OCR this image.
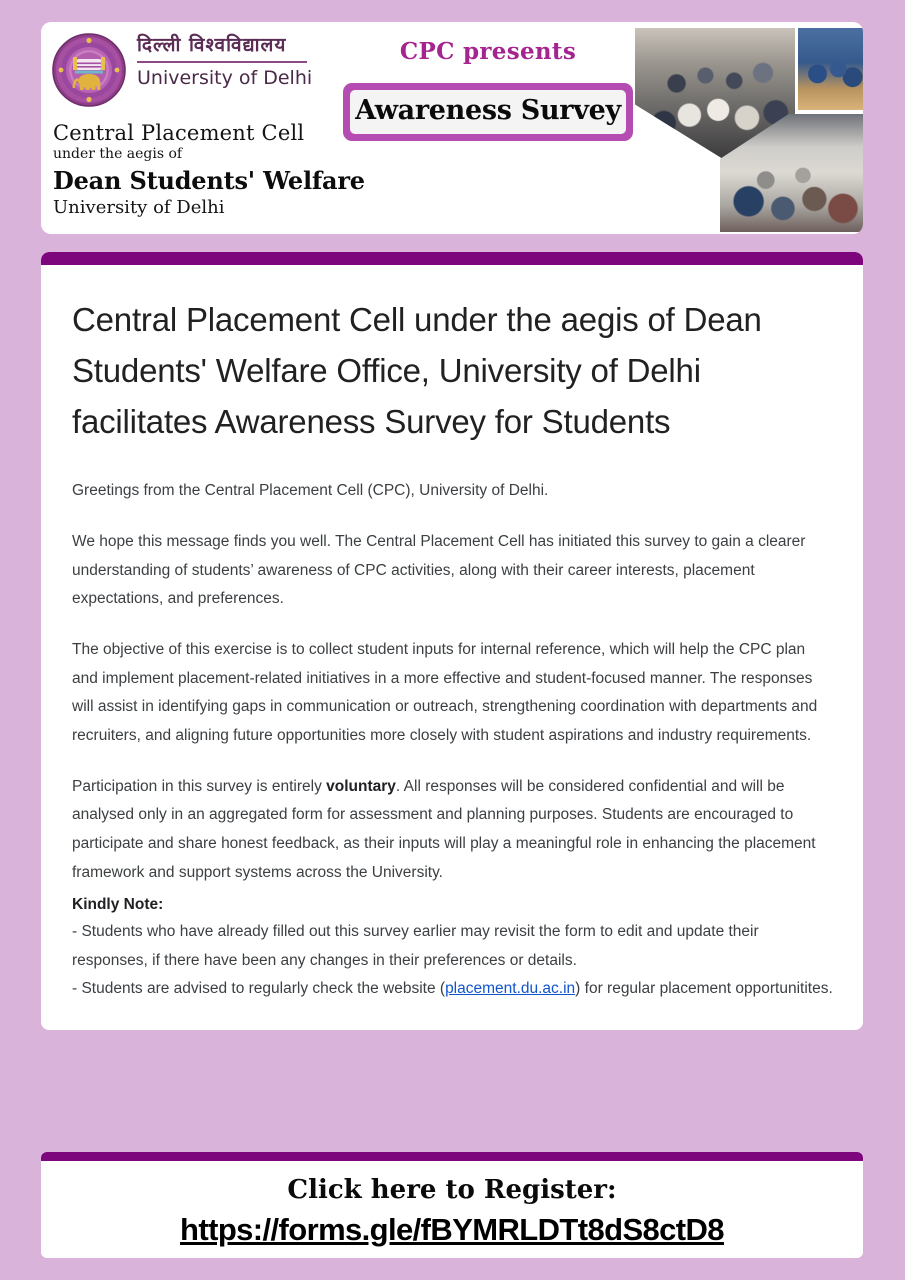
दिल्ली विश्वविद्यालय
University of Delhi
Central Placement Cell
under the aegis of
Dean Students' Welfare
University of Delhi
CPC presents
Awareness Survey
Central Placement Cell under the aegis of Dean Students' Welfare Office, University of Delhi facilitates Awareness Survey for Students

Greetings from the Central Placement Cell (CPC), University of Delhi.

We hope this message finds you well. The Central Placement Cell has initiated this survey to gain a clearer understanding of students’ awareness of CPC activities, along with their career interests, placement expectations, and preferences.

The objective of this exercise is to collect student inputs for internal reference, which will help the CPC plan and implement placement-related initiatives in a more effective and student-focused manner. The responses will assist in identifying gaps in communication or outreach, strengthening coordination with departments and recruiters, and aligning future opportunities more closely with student aspirations and industry requirements.

Participation in this survey is entirely voluntary. All responses will be considered confidential and will be analysed only in an aggregated form for assessment and planning purposes. Students are encouraged to participate and share honest feedback, as their inputs will play a meaningful role in enhancing the placement framework and support systems across the University.

Kindly Note:
- Students who have already filled out this survey earlier may revisit the form to edit and update their responses, if there have been any changes in their preferences or details.
- Students are advised to regularly check the website (placement.du.ac.in) for regular placement opportunitites.
Click here to Register:
https://forms.gle/fBYMRLDTt8dS8ctD8
